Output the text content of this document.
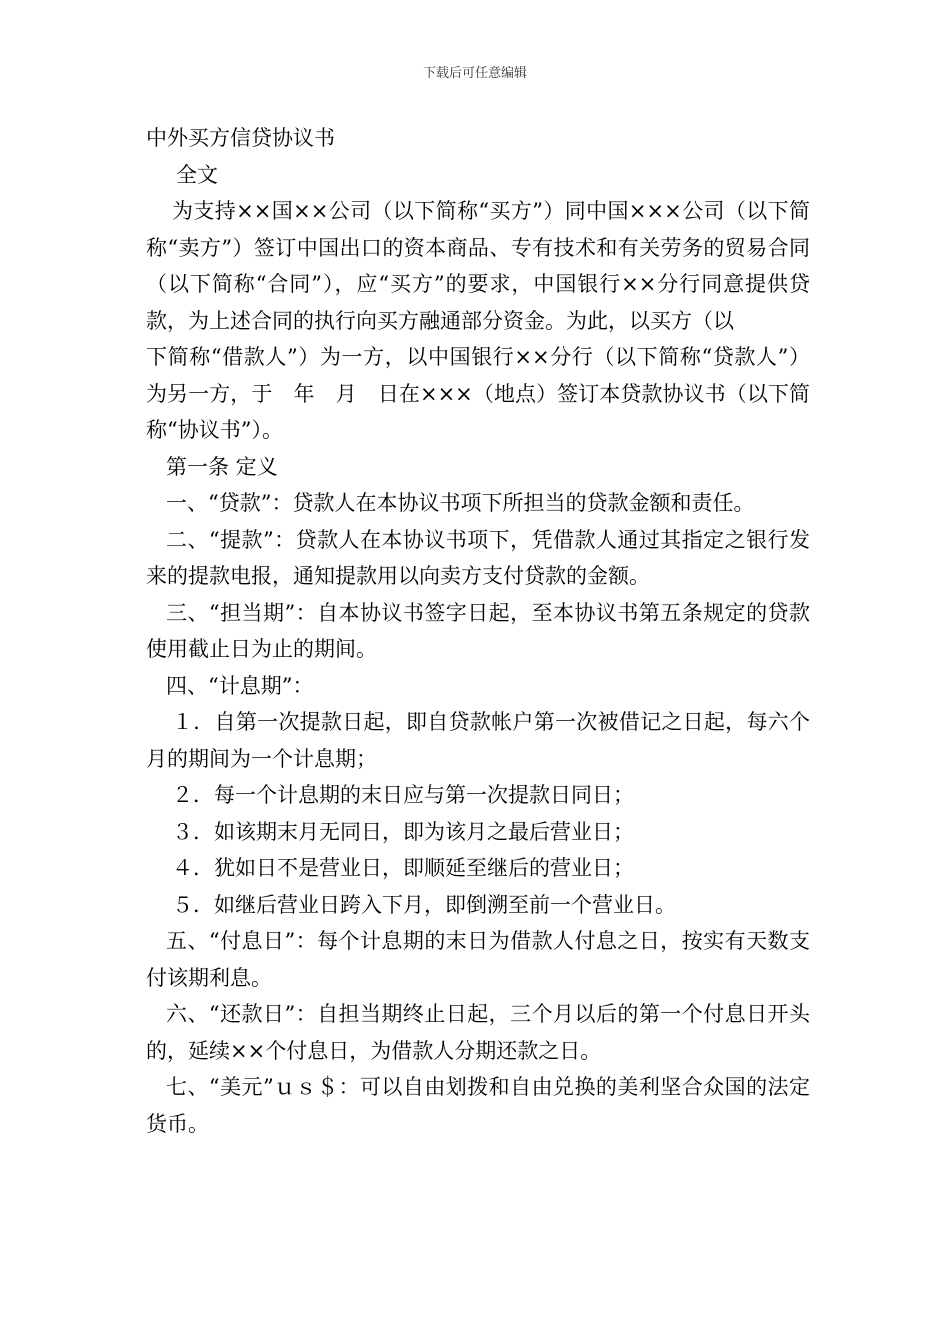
下载后可任意编辑

中外买方信贷协议书

全文

为支持××国××公司（以下简称“买方”）同中国×××公司（以下简称“卖方”）签订中国出口的资本商品、专有技术和有关劳务的贸易合同（以下简称“合同”），应“买方”的要求，中国银行××分行同意提供贷款，为上述合同的执行向买方融通部分资金。为此，以买方（以

下简称“借款人”）为一方，以中国银行××分行（以下简称“贷款人”）为另一方，于　年　月　日在×××（地点）签订本贷款协议书（以下简称“协议书”）。

第一条 定义

一、“贷款”：贷款人在本协议书项下所担当的贷款金额和责任。

二、“提款”：贷款人在本协议书项下，凭借款人通过其指定之银行发来的提款电报，通知提款用以向卖方支付贷款的金额。

三、“担当期”：自本协议书签字日起，至本协议书第五条规定的贷款使用截止日为止的期间。

四、“计息期”：

１．自第一次提款日起，即自贷款帐户第一次被借记之日起，每六个月的期间为一个计息期；

２．每一个计息期的末日应与第一次提款日同日；

３．如该期末月无同日，即为该月之最后营业日；

４．犹如日不是营业日，即顺延至继后的营业日；

５．如继后营业日跨入下月，即倒溯至前一个营业日。

五、“付息日”：每个计息期的末日为借款人付息之日，按实有天数支付该期利息。

六、“还款日”：自担当期终止日起，三个月以后的第一个付息日开头的，延续××个付息日，为借款人分期还款之日。

七、“美元”ｕｓ＄：可以自由划拨和自由兑换的美利坚合众国的法定货币。
